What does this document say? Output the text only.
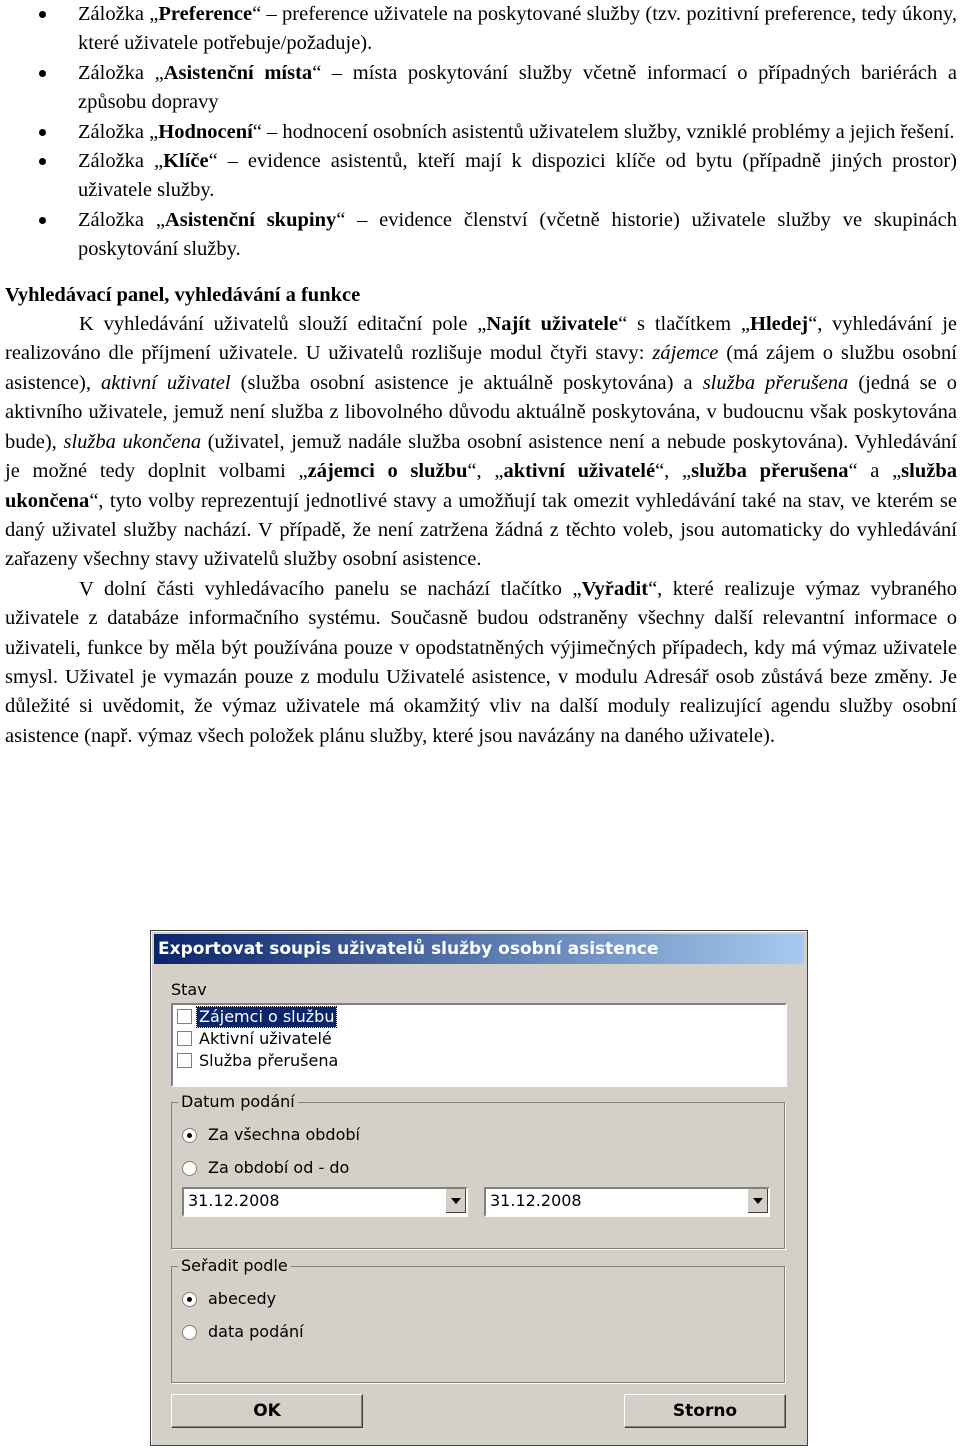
Záložka „Preference“ – preference uživatele na poskytované služby (tzv. pozitivní preference, tedy úkony, které uživatele potřebuje/požaduje).
Záložka „Asistenční místa“ – místa poskytování služby včetně informací o případných bariérách a způsobu dopravy
Záložka „Hodnocení“ – hodnocení osobních asistentů uživatelem služby, vzniklé problémy a jejich řešení.
Záložka „Klíče“ – evidence asistentů, kteří mají k dispozici klíče od bytu (případně jiných prostor) uživatele služby.
Záložka „Asistenční skupiny“ – evidence členství (včetně historie) uživatele služby ve skupinách poskytování služby.
Vyhledávací panel, vyhledávání a funkce

K vyhledávání uživatelů slouží editační pole „Najít uživatele“ s tlačítkem „Hledej“, vyhledávání je realizováno dle příjmení uživatele. U uživatelů rozlišuje modul čtyři stavy: zájemce (má zájem o službu osobní asistence), aktivní uživatel (služba osobní asistence je aktuálně poskytována) a služba přerušena (jedná se o aktivního uživatele, jemuž není služba z libovolného důvodu aktuálně poskytována, v budoucnu však poskytována bude), služba ukončena (uživatel, jemuž nadále služba osobní asistence není a nebude poskytována). Vyhledávání je možné tedy doplnit volbami „zájemci o službu“, „aktivní uživatelé“, „služba přerušena“ a „služba ukončena“, tyto volby reprezentují jednotlivé stavy a umožňují tak omezit vyhledávání také na stav, ve kterém se daný uživatel služby nachází. V případě, že není zatržena žádná z těchto voleb, jsou automaticky do vyhledávání zařazeny všechny stavy uživatelů služby osobní asistence.

V dolní části vyhledávacího panelu se nachází tlačítko „Vyřadit“, které realizuje výmaz vybraného uživatele z databáze informačního systému. Současně budou odstraněny všechny další relevantní informace o uživateli, funkce by měla být používána pouze v opodstatněných výjimečných případech, kdy má výmaz uživatele smysl. Uživatel je vymazán pouze z modulu Uživatelé asistence, v modulu Adresář osob zůstává beze změny. Je důležité si uvědomit, že výmaz uživatele má okamžitý vliv na další moduly realizující agendu služby osobní asistence (např. výmaz všech položek plánu služby, které jsou navázány na daného uživatele).

Exportovat soupis uživatelů služby osobní asistence
Stav
Zájemci o službu
Aktivní uživatelé
Služba přerušena
Datum podání
Za všechna období
Za období od - do
31.12.2008	31.12.2008
Seřadit podle
abecedy
data podání
OK	Storno
